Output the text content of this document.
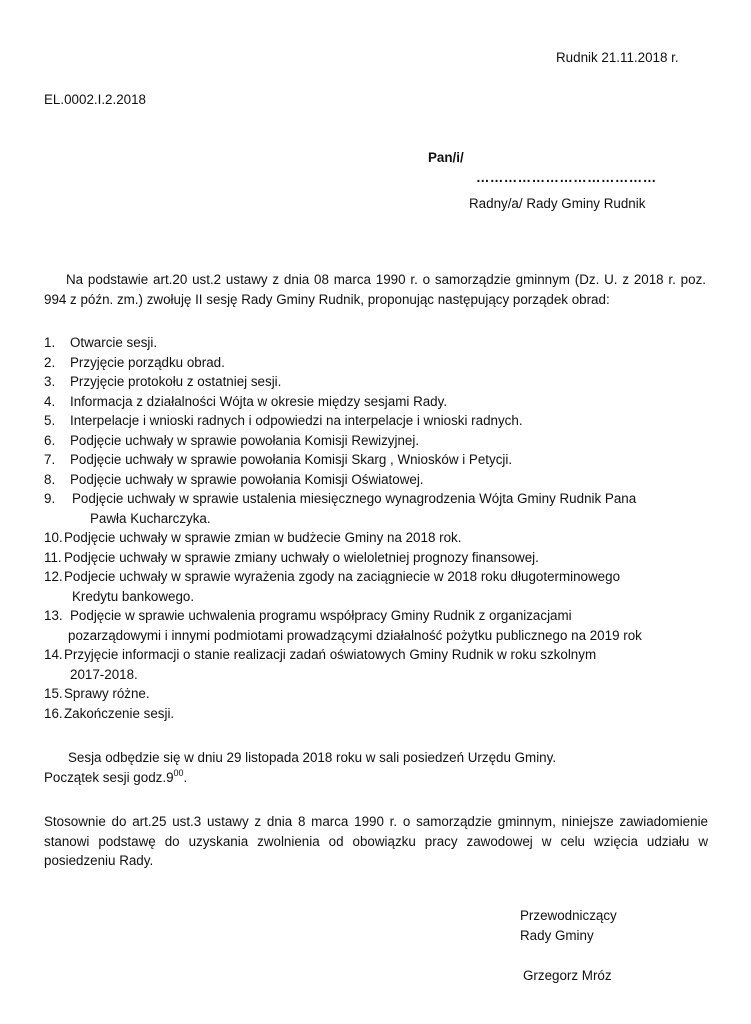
Rudnik 21.11.2018 r.
EL.0002.I.2.2018
Pan/i/
…………………………………
Radny/a/ Rady Gminy Rudnik
Na podstawie art.20 ust.2 ustawy z dnia 08 marca 1990 r. o samorządzie gminnym (Dz. U. z 2018 r. poz. 994 z późn. zm.) zwołuję II sesję Rady Gminy Rudnik, proponując następujący porządek obrad:
1.	Otwarcie sesji.
2.	Przyjęcie porządku obrad.
3.	Przyjęcie protokołu z ostatniej sesji.
4.	Informacja z działalności Wójta w okresie między sesjami Rady.
5.	Interpelacje i wnioski radnych i odpowiedzi na interpelacje i wnioski radnych.
6.	Podjęcie uchwały w sprawie powołania Komisji Rewizyjnej.
7.	Podjęcie uchwały w sprawie powołania Komisji Skarg , Wniosków i Petycji.
8.	Podjęcie uchwały w sprawie powołania Komisji Oświatowej.
9.	Podjęcie uchwały w sprawie ustalenia miesięcznego wynagrodzenia Wójta Gminy Rudnik Pana
Pawła Kucharczyka.
10. Podjęcie uchwały w sprawie zmian w budżecie Gminy na 2018 rok.
11. Podjęcie uchwały w sprawie zmiany uchwały o wieloletniej prognozy finansowej.
12. Podjecie uchwały w sprawie wyrażenia zgody na zaciągniecie w 2018 roku długoterminowego
Kredytu bankowego.
13. Podjęcie w sprawie uchwalenia programu współpracy Gminy Rudnik z organizacjami
pozarządowymi i innymi podmiotami prowadzącymi działalność pożytku publicznego na 2019 rok
14. Przyjęcie informacji o stanie realizacji zadań oświatowych Gminy Rudnik w roku szkolnym
2017-2018.
15. Sprawy różne.
16. Zakończenie sesji.
Sesja odbędzie się w dniu 29 listopada 2018 roku w sali posiedzeń Urzędu Gminy.
Początek sesji $godz.9^{00}$.
Stosownie do art.25 ust.3 ustawy z dnia 8 marca 1990 r. o samorządzie gminnym, niniejsze zawiadomienie stanowi podstawę do uzyskania zwolnienia od obowiązku pracy zawodowej w celu wzięcia udziału w posiedzeniu Rady.
Przewodniczący
Rady Gminy
Grzegorz Mróz
